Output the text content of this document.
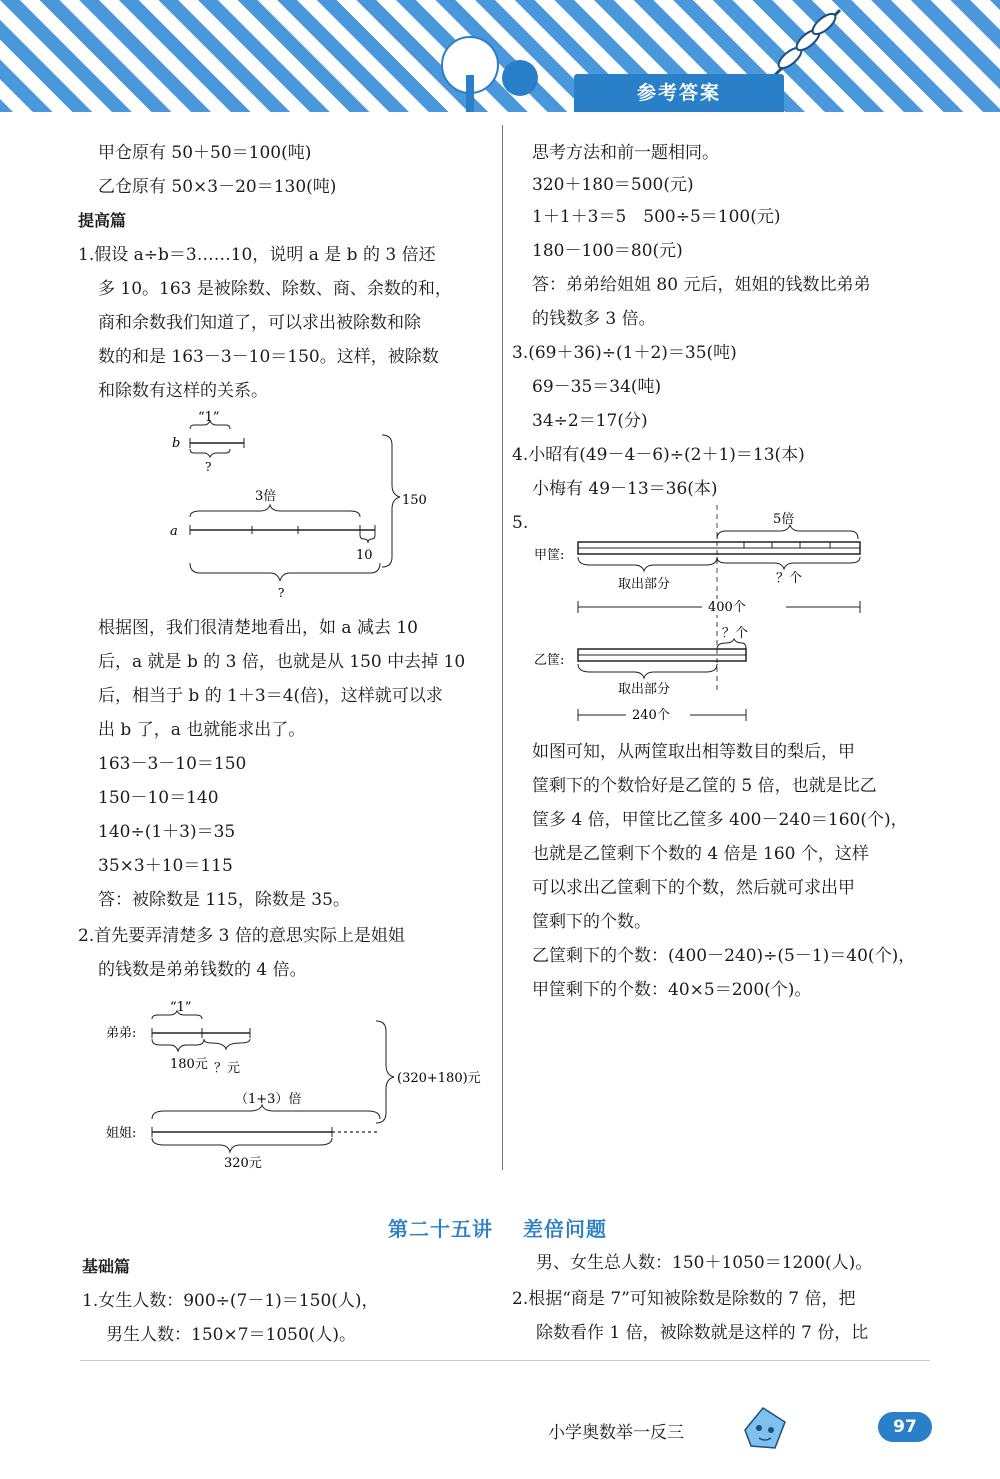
参考答案
甲仓原有 50＋50＝100(吨)
乙仓原有 50×3－20＝130(吨)
提高篇
1.假设 a÷b＝3……10，说明 a 是 b 的 3 倍还
多 10。163 是被除数、除数、商、余数的和，
商和余数我们知道了，可以求出被除数和除
数的和是 163－3－10＝150。这样，被除数
和除数有这样的关系。
“1”
b
?
3倍
a
10
?
150
根据图，我们很清楚地看出，如 a 减去 10
后，a 就是 b 的 3 倍，也就是从 150 中去掉 10
后，相当于 b 的 1＋3＝4(倍)，这样就可以求
出 b 了，a 也就能求出了。
163－3－10＝150
150－10＝140
140÷(1＋3)＝35
35×3＋10＝115
答：被除数是 115，除数是 35。
2.首先要弄清楚多 3 倍的意思实际上是姐姐
的钱数是弟弟钱数的 4 倍。
“1”
弟弟:
180元 ？元
（1+3）倍
姐姐:
320元
(320+180)元
思考方法和前一题相同。
320＋180＝500(元)
1＋1＋3＝5　500÷5＝100(元)
180－100＝80(元)
答：弟弟给姐姐 80 元后，姐姐的钱数比弟弟
的钱数多 3 倍。
3.(69＋36)÷(1＋2)＝35(吨)
69－35＝34(吨)
34÷2＝17(分)
4.小昭有(49－4－6)÷(2＋1)＝13(本)
小梅有 49－13＝36(本)
5.	5倍
甲筐:
取出部分	？个
400个
？个
乙筐:
取出部分
240个
如图可知，从两筐取出相等数目的梨后，甲
筐剩下的个数恰好是乙筐的 5 倍，也就是比乙
筐多 4 倍，甲筐比乙筐多 400－240＝160(个)，
也就是乙筐剩下个数的 4 倍是 160 个，这样
可以求出乙筐剩下的个数，然后就可求出甲
筐剩下的个数。
乙筐剩下的个数：(400－240)÷(5－1)＝40(个)，
甲筐剩下的个数：40×5＝200(个)。
第二十五讲 差倍问题
基础篇
1.女生人数：900÷(7－1)＝150(人)，
男生人数：150×7＝1050(人)。
男、女生总人数：150＋1050＝1200(人)。
2.根据“商是 7”可知被除数是除数的 7 倍，把
除数看作 1 倍，被除数就是这样的 7 份，比
小学奥数举一反三	97
